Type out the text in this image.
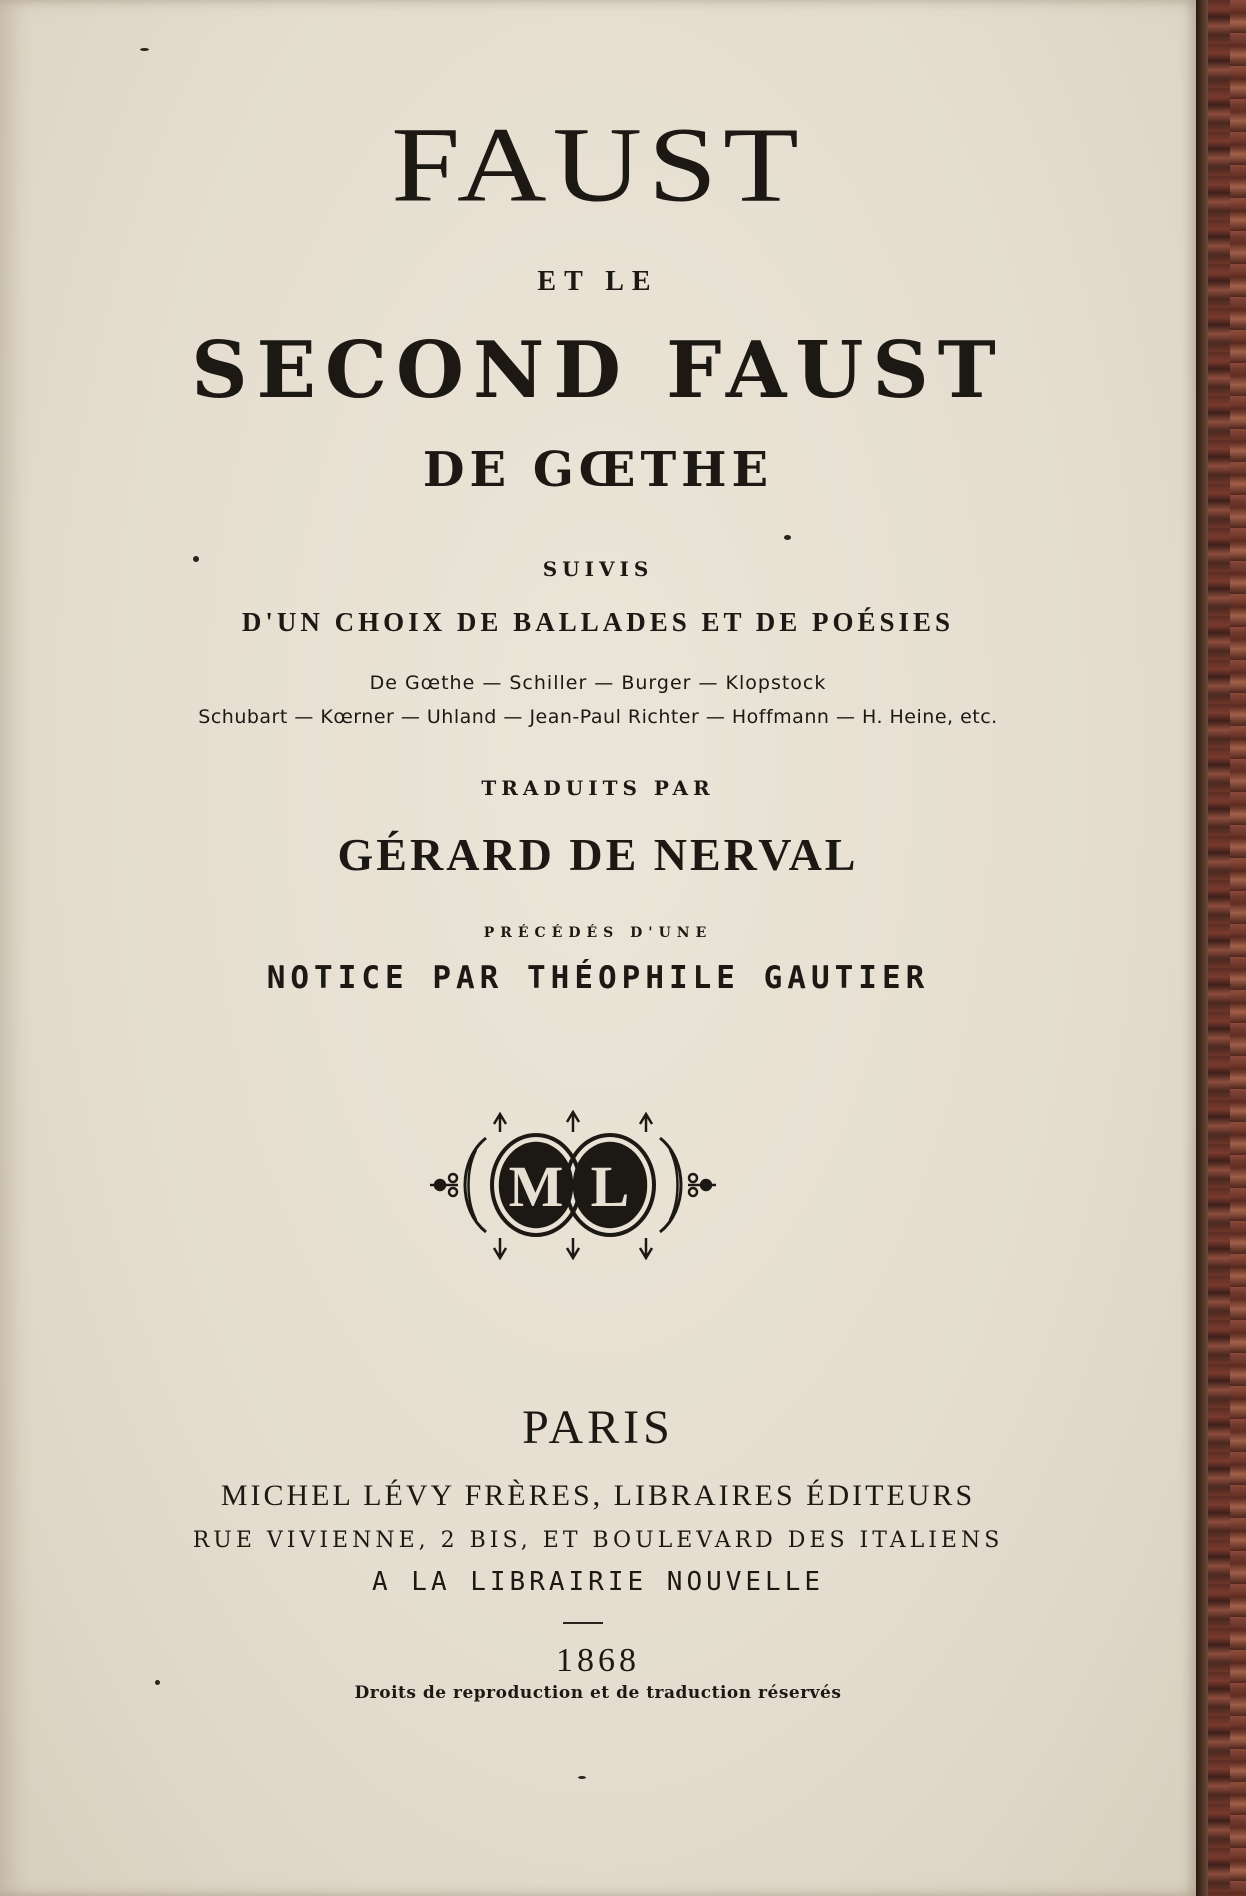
FAUST
ET LE
SECOND FAUST
DE GŒTHE
SUIVIS
D'UN CHOIX DE BALLADES ET DE POÉSIES
De Gœthe — Schiller — Burger — Klopstock
Schubart — Kœrner — Uhland — Jean-Paul Richter — Hoffmann — H. Heine, etc.
TRADUITS PAR
GÉRARD DE NERVAL
PRÉCÉDÉS D'UNE
NOTICE PAR THÉOPHILE GAUTIER
M L
PARIS
MICHEL LÉVY FRÈRES, LIBRAIRES ÉDITEURS
RUE VIVIENNE, 2 BIS, ET BOULEVARD DES ITALIENS
A LA LIBRAIRIE NOUVELLE
1868
Droits de reproduction et de traduction réservés
